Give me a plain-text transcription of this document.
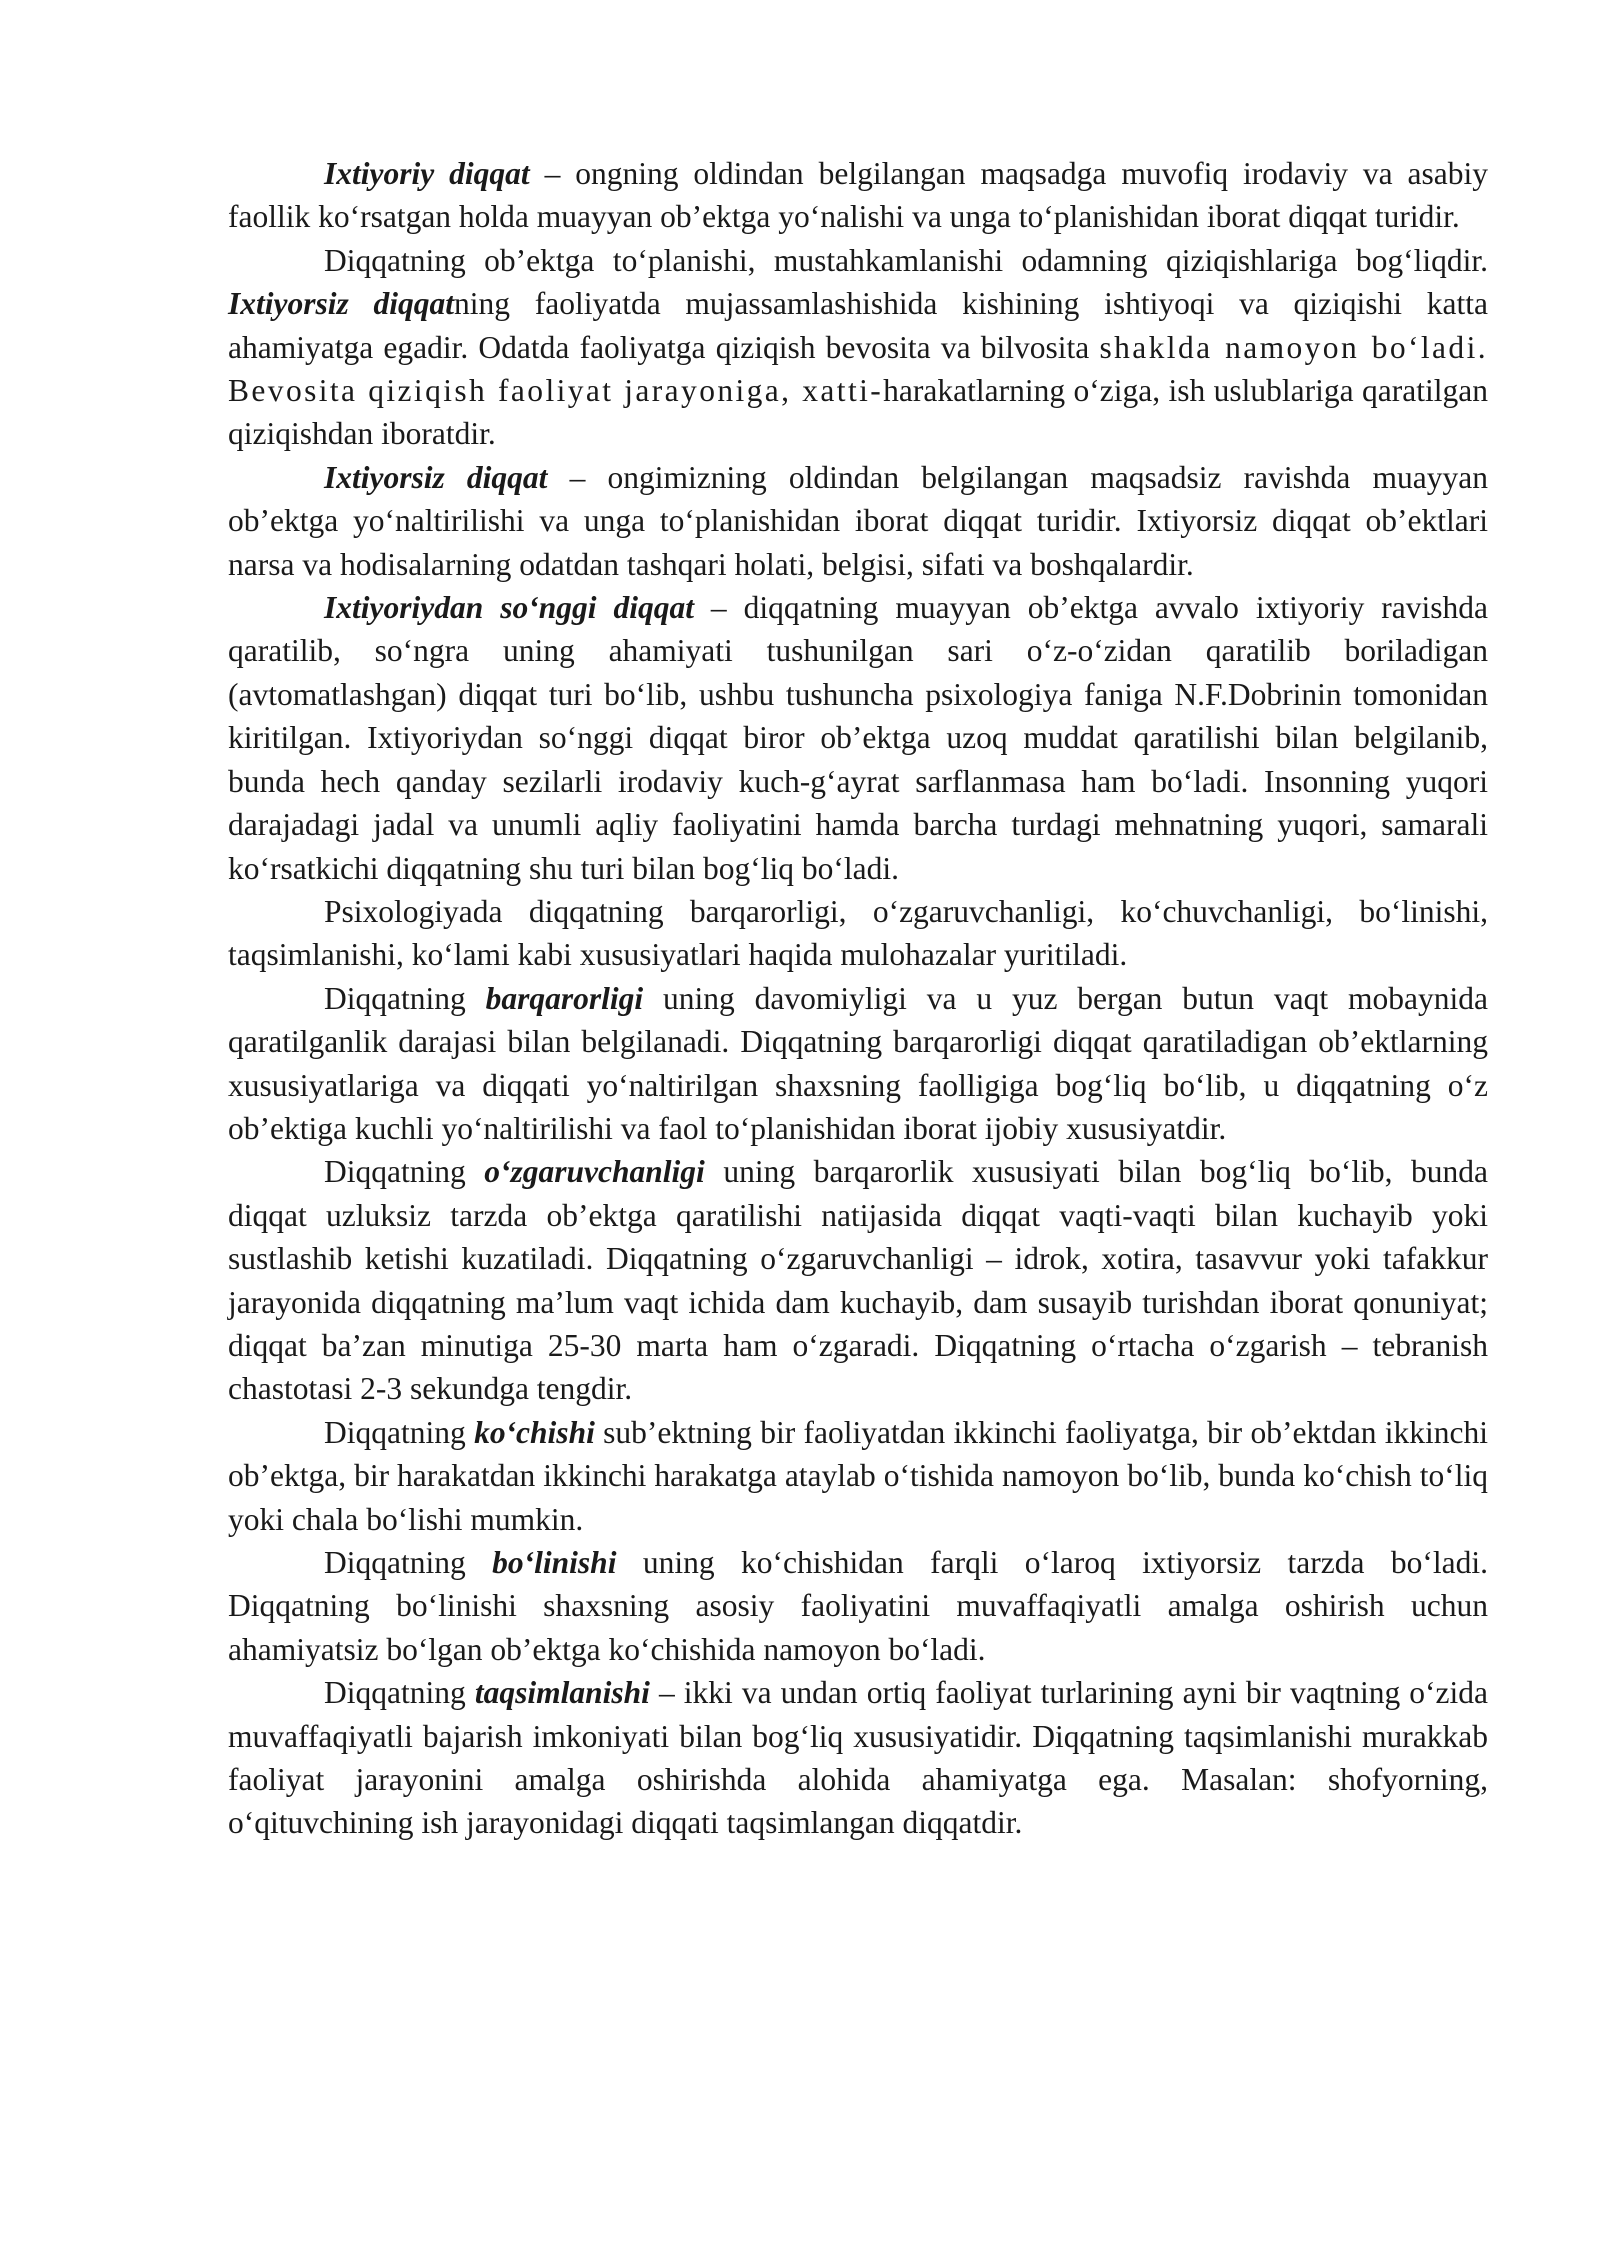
Ixtiyoriy diqqat – ongning oldindan belgilangan maqsadga muvofiq irodaviy va asabiy faollik ko‘rsatgan holda muayyan ob’ektga yo‘nalishi va unga to‘planishidan iborat diqqat turidir.

Diqqatning ob’ektga to‘planishi, mustahkamlanishi odamning qiziqishlariga bog‘liqdir. Ixtiyorsiz diqqatning faoliyatda mujassamlashishida kishining ishtiyoqi va qiziqishi katta ahamiyatga egadir. Odatda faoliyatga qiziqish bevosita va bilvosita shaklda namoyon bo‘ladi. Bevosita qiziqish faoliyat jarayoniga, xatti-harakatlarning o‘ziga, ish uslublariga qaratilgan qiziqishdan iboratdir.

Ixtiyorsiz diqqat – ongimizning oldindan belgilangan maqsadsiz ravishda muayyan ob’ektga yo‘naltirilishi va unga to‘planishidan iborat diqqat turidir. Ixtiyorsiz diqqat ob’ektlari narsa va hodisalarning odatdan tashqari holati, belgisi, sifati va boshqalardir.

Ixtiyoriydan so‘nggi diqqat – diqqatning muayyan ob’ektga avvalo ixtiyoriy ravishda qaratilib, so‘ngra uning ahamiyati tushunilgan sari o‘z-o‘zidan qaratilib boriladigan (avtomatlashgan) diqqat turi bo‘lib, ushbu tushuncha psixologiya faniga N.F.Dobrinin tomonidan kiritilgan. Ixtiyoriydan so‘nggi diqqat biror ob’ektga uzoq muddat qaratilishi bilan belgilanib, bunda hech qanday sezilarli irodaviy kuch-g‘ayrat sarflanmasa ham bo‘ladi. Insonning yuqori darajadagi jadal va unumli aqliy faoliyatini hamda barcha turdagi mehnatning yuqori, samarali ko‘rsatkichi diqqatning shu turi bilan bog‘liq bo‘ladi.

Psixologiyada diqqatning barqarorligi, o‘zgaruvchanligi, ko‘chuvchanligi, bo‘linishi, taqsimlanishi, ko‘lami kabi xususiyatlari haqida mulohazalar yuritiladi.

Diqqatning barqarorligi uning davomiyligi va u yuz bergan butun vaqt mobaynida qaratilganlik darajasi bilan belgilanadi. Diqqatning barqarorligi diqqat qaratiladigan ob’ektlarning xususiyatlariga va diqqati yo‘naltirilgan shaxsning faolligiga bog‘liq bo‘lib, u diqqatning o‘z ob’ektiga kuchli yo‘naltirilishi va faol to‘planishidan iborat ijobiy xususiyatdir.

Diqqatning o‘zgaruvchanligi uning barqarorlik xususiyati bilan bog‘liq bo‘lib, bunda diqqat uzluksiz tarzda ob’ektga qaratilishi natijasida diqqat vaqti-vaqti bilan kuchayib yoki sustlashib ketishi kuzatiladi. Diqqatning o‘zgaruvchanligi – idrok, xotira, tasavvur yoki tafakkur jarayonida diqqatning ma’lum vaqt ichida dam kuchayib, dam susayib turishdan iborat qonuniyat; diqqat ba’zan minutiga 25-30 marta ham o‘zgaradi. Diqqatning o‘rtacha o‘zgarish – tebranish chastotasi 2-3 sekundga tengdir.

Diqqatning ko‘chishi sub’ektning bir faoliyatdan ikkinchi faoliyatga, bir ob’ektdan ikkinchi ob’ektga, bir harakatdan ikkinchi harakatga ataylab o‘tishida namoyon bo‘lib, bunda ko‘chish to‘liq yoki chala bo‘lishi mumkin.

Diqqatning bo‘linishi uning ko‘chishidan farqli o‘laroq ixtiyorsiz tarzda bo‘ladi. Diqqatning bo‘linishi shaxsning asosiy faoliyatini muvaffaqiyatli amalga oshirish uchun ahamiyatsiz bo‘lgan ob’ektga ko‘chishida namoyon bo‘ladi.

Diqqatning taqsimlanishi – ikki va undan ortiq faoliyat turlarining ayni bir vaqtning o‘zida muvaffaqiyatli bajarish imkoniyati bilan bog‘liq xususiyatidir. Diqqatning taqsimlanishi murakkab faoliyat jarayonini amalga oshirishda alohida ahamiyatga ega. Masalan: shofyorning, o‘qituvchining ish jarayonidagi diqqati taqsimlangan diqqatdir.
